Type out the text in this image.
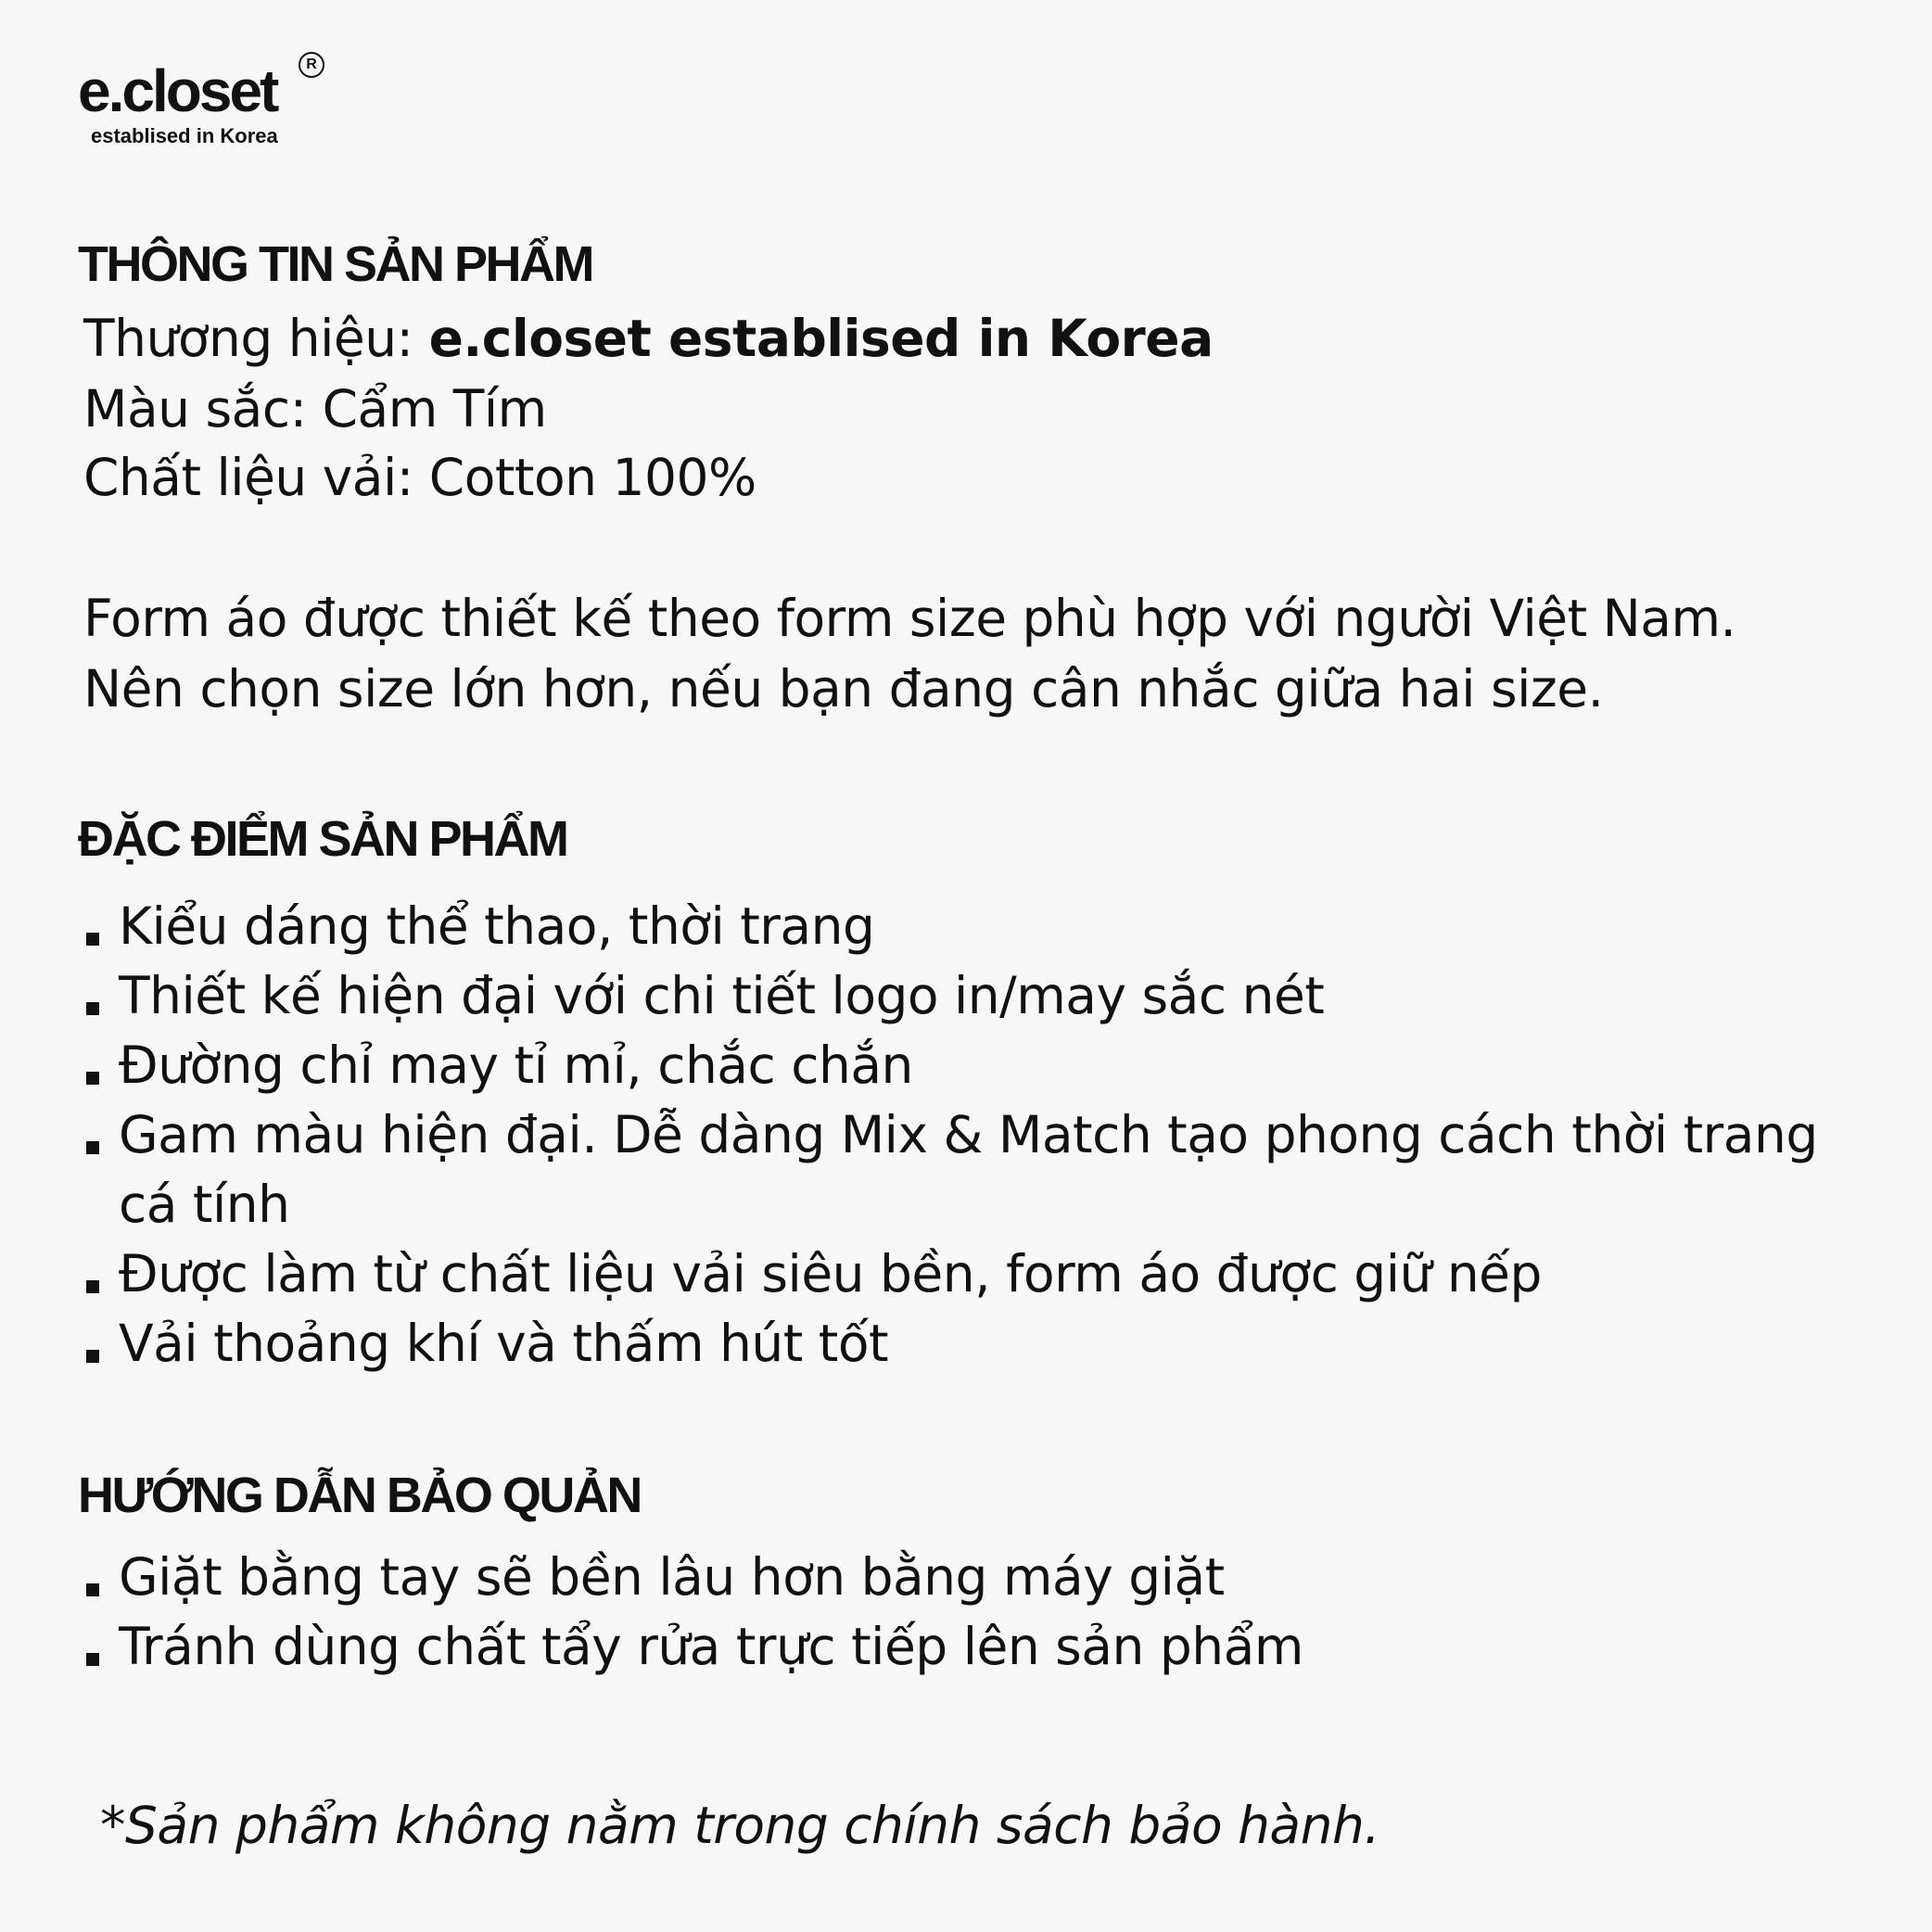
e.closet	R
establised in Korea
THÔNG TIN SẢN PHẨM
Thương hiệu: e.closet establised in Korea
Màu sắc: Cẩm Tím
Chất liệu vải: Cotton 100%
Form áo được thiết kế theo form size phù hợp với người Việt Nam.
Nên chọn size lớn hơn, nếu bạn đang cân nhắc giữa hai size.
ĐẶC ĐIỂM SẢN PHẨM
Kiểu dáng thể thao, thời trang
Thiết kế hiện đại với chi tiết logo in/may sắc nét
Đường chỉ may tỉ mỉ, chắc chắn
Gam màu hiện đại. Dễ dàng Mix & Match tạo phong cách thời trang cá tính
Được làm từ chất liệu vải siêu bền, form áo được giữ nếp
Vải thoảng khí và thấm hút tốt
HƯỚNG DẪN BẢO QUẢN
Giặt bằng tay sẽ bền lâu hơn bằng máy giặt
Tránh dùng chất tẩy rửa trực tiếp lên sản phẩm
*Sản phẩm không nằm trong chính sách bảo hành.
